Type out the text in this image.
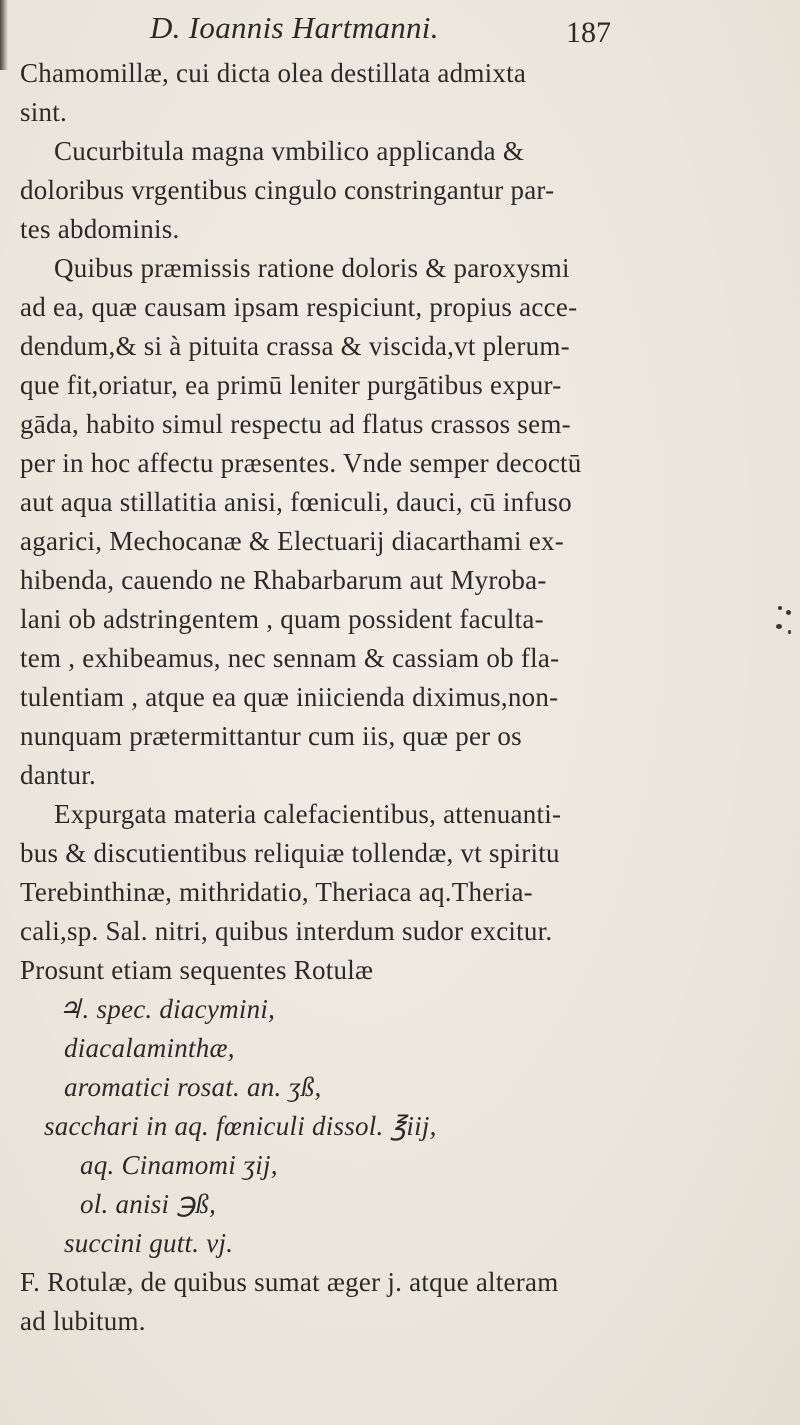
D. Ioannis Hartmanni.	187
Chamomillæ, cui dicta olea destillata admixta
sint.
Cucurbitula magna vmbilico applicanda &
doloribus vrgentibus cingulo constringantur par-
tes abdominis.
Quibus præmissis ratione doloris & paroxysmi
ad ea, quæ causam ipsam respiciunt, propius acce-
dendum,& si à pituita crassa & viscida,vt plerum-
que fit,oriatur, ea primū leniter purgātibus expur-
gāda, habito simul respectu ad flatus crassos sem-
per in hoc affectu præsentes. Vnde semper decoctū
aut aqua stillatitia anisi, fœniculi, dauci, cū infuso
agarici, Mechocanæ & Electuarij diacarthami ex-
hibenda, cauendo ne Rhabarbarum aut Myroba-
lani ob adstringentem , quam possident faculta-
tem , exhibeamus, nec sennam & cassiam ob fla-
tulentiam , atque ea quæ iniicienda diximus,non-
nunquam prætermittantur cum iis, quæ per os
dantur.
Expurgata materia calefacientibus, attenuanti-
bus & discutientibus reliquiæ tollendæ, vt spiritu
Terebinthinæ, mithridatio, Theriaca aq.Theria-
cali,sp. Sal. nitri, quibus interdum sudor excitur.
Prosunt etiam sequentes Rotulæ
♃. spec. diacymini,
diacalaminthæ,
aromatici rosat. an. ʒß,
sacchari in aq. fœniculi dissol. ℥iij,
aq. Cinamomi ʒij,
ol. anisi ℈ß,
succini gutt. vj.
F. Rotulæ, de quibus sumat æger j. atque alteram
ad lubitum.
